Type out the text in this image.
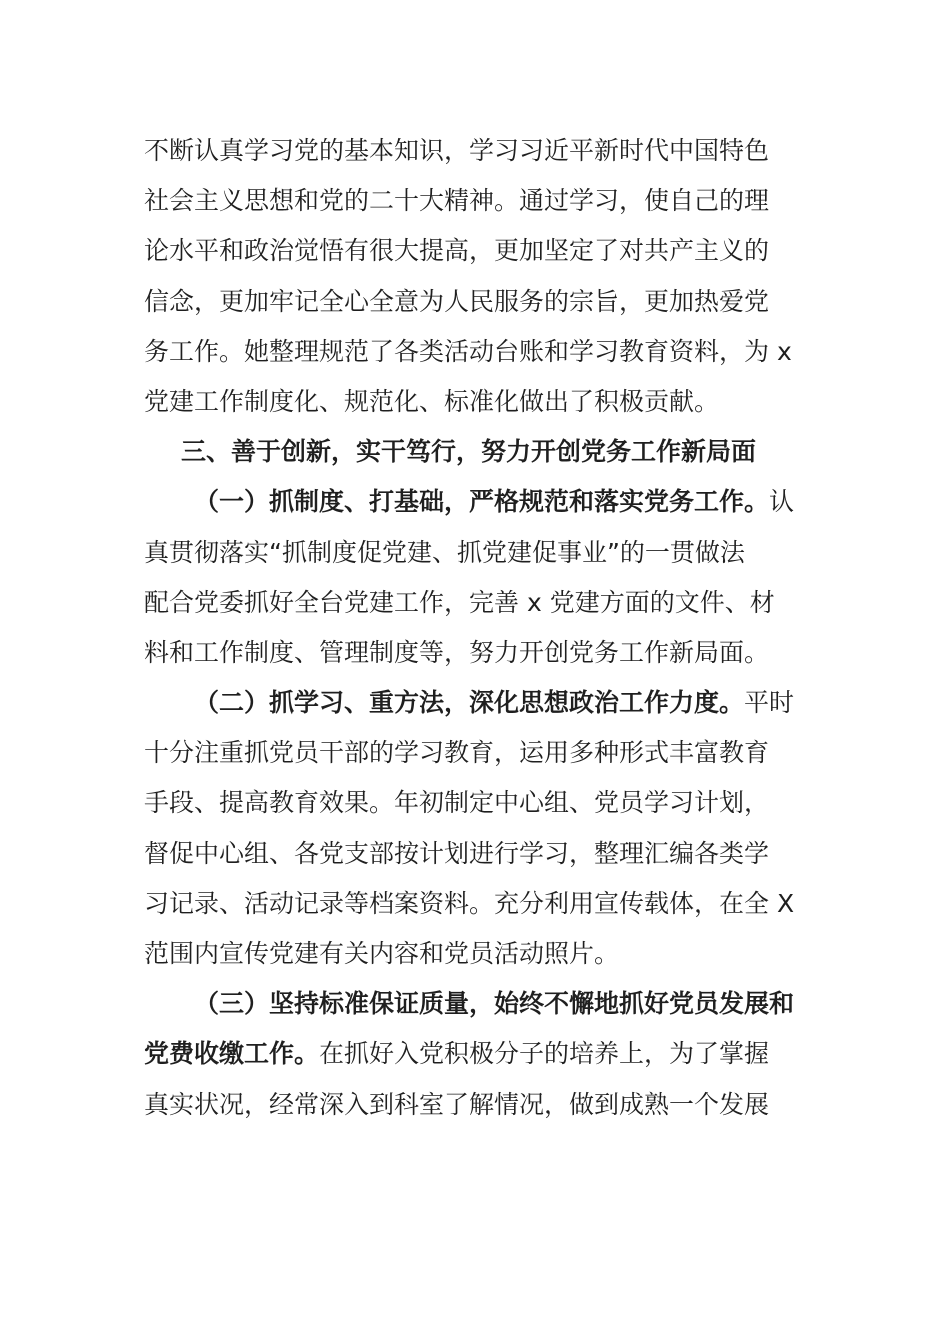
不断认真学习党的基本知识，学习习近平新时代中国特色
社会主义思想和党的二十大精神。通过学习，使自己的理
论水平和政治觉悟有很大提高，更加坚定了对共产主义的
信念，更加牢记全心全意为人民服务的宗旨，更加热爱党
务工作。她整理规范了各类活动台账和学习教育资料，为 x
党建工作制度化、规范化、标准化做出了积极贡献。
三、善于创新，实干笃行，努力开创党务工作新局面
（一）抓制度、打基础，严格规范和落实党务工作。认
真贯彻落实“抓制度促党建、抓党建促事业”的一贯做法
配合党委抓好全台党建工作，完善 x 党建方面的文件、材
料和工作制度、管理制度等，努力开创党务工作新局面。
（二）抓学习、重方法，深化思想政治工作力度。平时
十分注重抓党员干部的学习教育，运用多种形式丰富教育
手段、提高教育效果。年初制定中心组、党员学习计划，
督促中心组、各党支部按计划进行学习，整理汇编各类学
习记录、活动记录等档案资料。充分利用宣传载体，在全 X
范围内宣传党建有关内容和党员活动照片。
（三）坚持标准保证质量，始终不懈地抓好党员发展和
党费收缴工作。在抓好入党积极分子的培养上，为了掌握
真实状况，经常深入到科室了解情况，做到成熟一个发展
